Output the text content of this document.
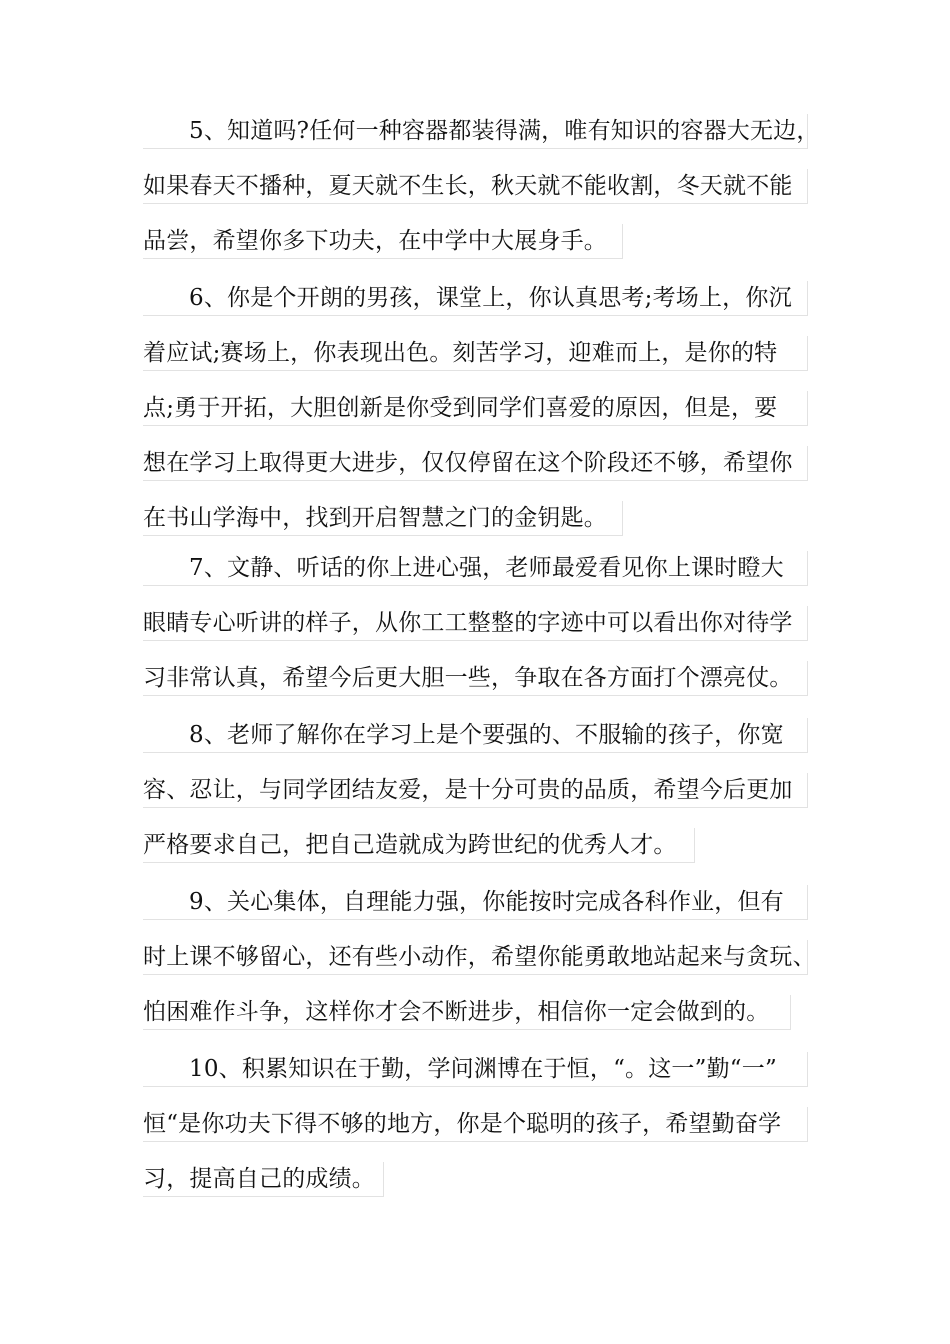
5、知道吗?任何一种容器都装得满，唯有知识的容器大无边，
如果春天不播种，夏天就不生长，秋天就不能收割，冬天就不能
品尝，希望你多下功夫，在中学中大展身手。
6、你是个开朗的男孩，课堂上，你认真思考;考场上，你沉
着应试;赛场上，你表现出色。刻苦学习，迎难而上，是你的特
点;勇于开拓，大胆创新是你受到同学们喜爱的原因，但是，要
想在学习上取得更大进步，仅仅停留在这个阶段还不够，希望你
在书山学海中，找到开启智慧之门的金钥匙。
7、文静、听话的你上进心强，老师最爱看见你上课时瞪大
眼睛专心听讲的样子，从你工工整整的字迹中可以看出你对待学
习非常认真，希望今后更大胆一些，争取在各方面打个漂亮仗。
8、老师了解你在学习上是个要强的、不服输的孩子，你宽
容、忍让，与同学团结友爱，是十分可贵的品质，希望今后更加
严格要求自己，把自己造就成为跨世纪的优秀人才。
9、关心集体，自理能力强，你能按时完成各科作业，但有
时上课不够留心，还有些小动作，希望你能勇敢地站起来与贪玩、
怕困难作斗争，这样你才会不断进步，相信你一定会做到的。
10、积累知识在于勤，学问渊博在于恒，“。这一”勤“一”
恒“是你功夫下得不够的地方，你是个聪明的孩子，希望勤奋学
习，提高自己的成绩。
